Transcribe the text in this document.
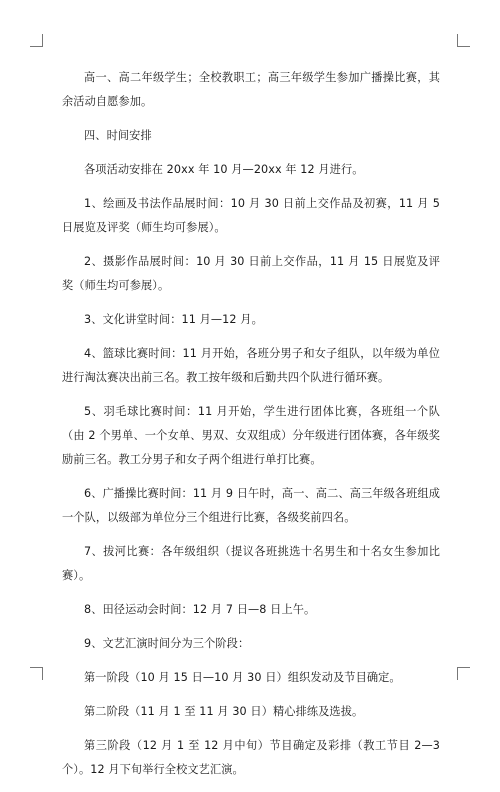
高一、高二年级学生；全校教职工；高三年级学生参加广播操比赛，其余活动自愿参加。

四、时间安排

各项活动安排在 20xx 年 10 月—20xx 年 12 月进行。

1、绘画及书法作品展时间：10 月 30 日前上交作品及初赛，11 月 5 日展览及评奖（师生均可参展）。

2、摄影作品展时间：10 月 30 日前上交作品，11 月 15 日展览及评奖（师生均可参展）。

3、文化讲堂时间：11 月—12 月。

4、篮球比赛时间：11 月开始，各班分男子和女子组队，以年级为单位进行淘汰赛决出前三名。教工按年级和后勤共四个队进行循环赛。

5、羽毛球比赛时间：11 月开始，学生进行团体比赛，各班组一个队（由 2 个男单、一个女单、男双、女双组成）分年级进行团体赛，各年级奖励前三名。教工分男子和女子两个组进行单打比赛。

6、广播操比赛时间：11 月 9 日午时，高一、高二、高三年级各班组成一个队，以级部为单位分三个组进行比赛，各级奖前四名。

7、拔河比赛：各年级组织（提议各班挑选十名男生和十名女生参加比赛）。

8、田径运动会时间：12 月 7 日—8 日上午。

9、文艺汇演时间分为三个阶段：

第一阶段（10 月 15 日—10 月 30 日）组织发动及节目确定。

第二阶段（11 月 1 至 11 月 30 日）精心排练及选拔。

第三阶段（12 月 1 至 12 月中旬）节目确定及彩排（教工节目 2—3 个）。12 月下旬举行全校文艺汇演。
